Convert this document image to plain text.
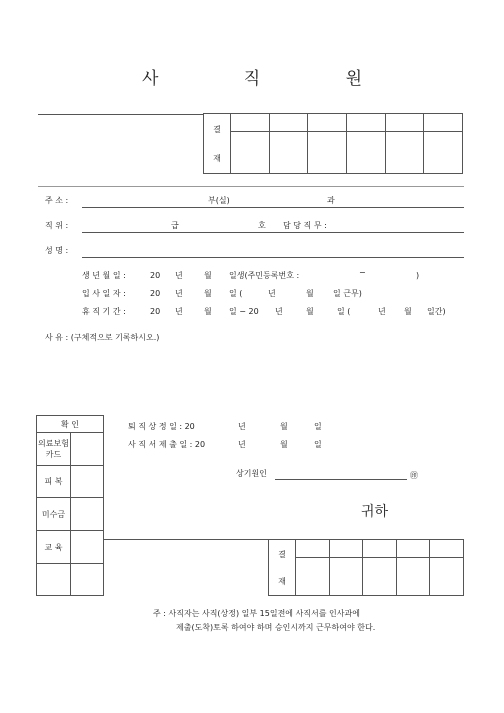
사 직 원
결
재						

주 소 :	부(실)	과
직 위 :	급	호 담 당 직 무 :
성 명 :
생 년 월 일 :	20 년	월 일생(주민등록번호 :	−	)
입 사 일 자 :	20 년	월 일 (	년	월 일 근무)
휴 직 기 간 :	20 년	월 일 − 20 년	월	일 (	년 월 일간)
사 유 : (구체적으로 기록하시오.)
확 인	
의료보험카드	
피 복	
미수금	
교 육	

퇴 직 상 정 일 : 20	년	월	일
사 직 서 제 출 일 : 20	년	월	일
상기원인	㊞
귀하
결
재					

주 : 사직자는 사직(상정) 일부 15일전에 사직서를 인사과에
제출(도착)토록 하여야 하며 승인시까지 근무하여야 한다.
